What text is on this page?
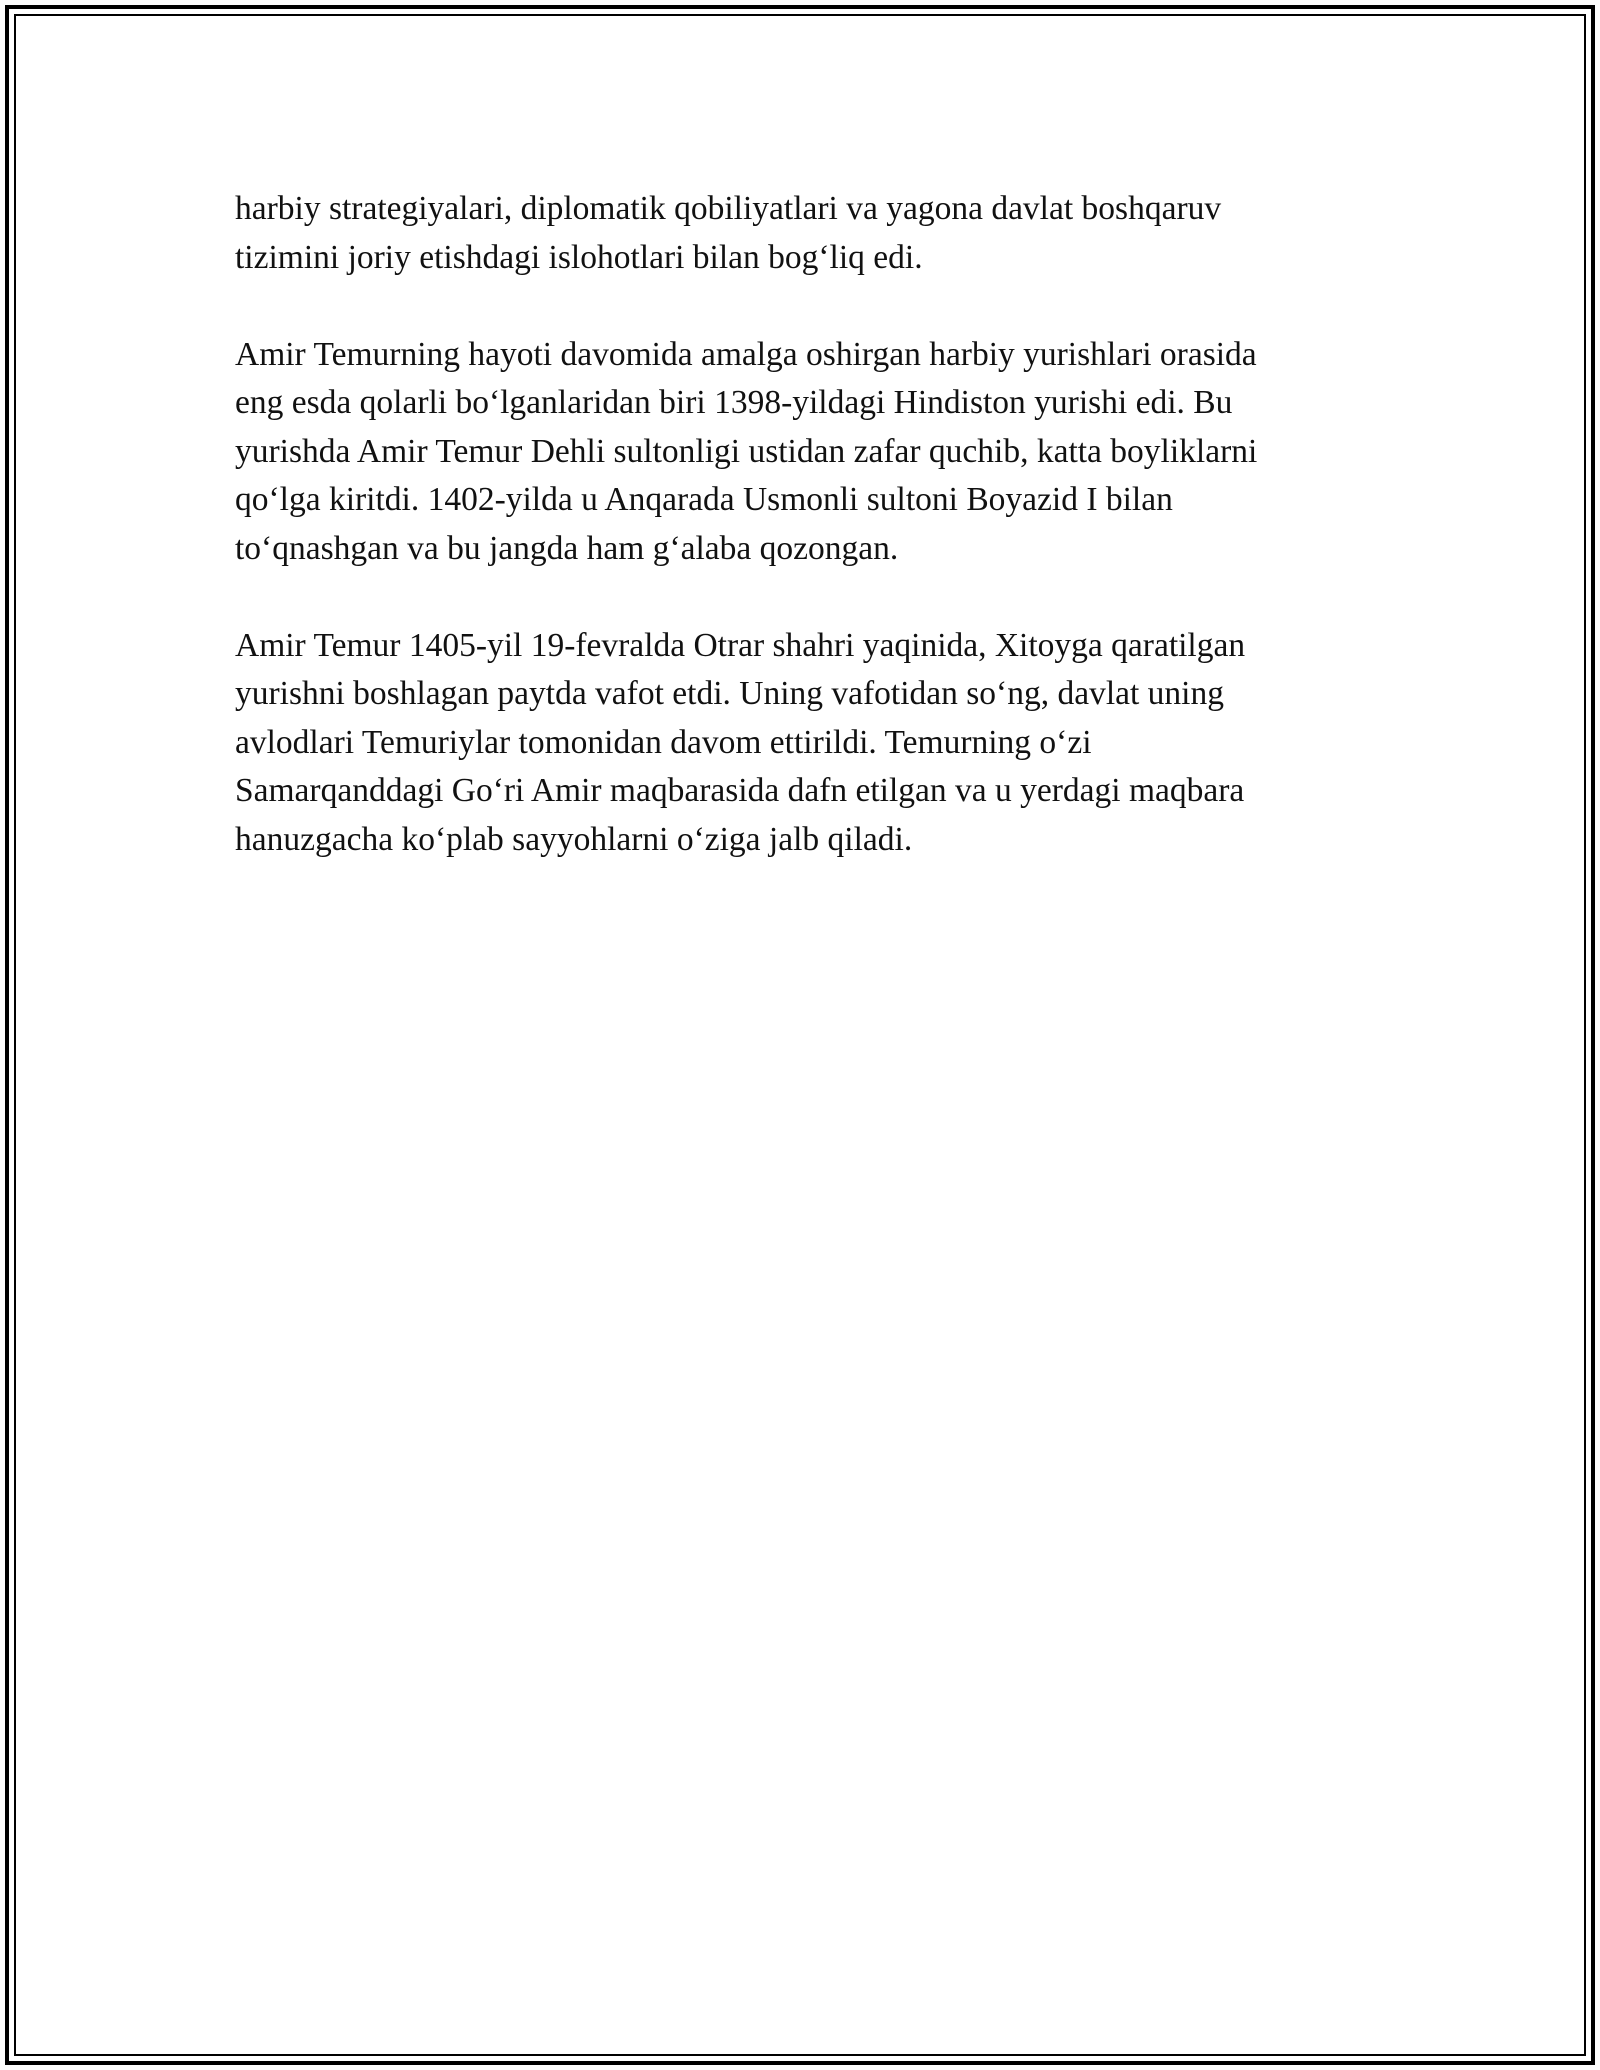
harbiy strategiyalari, diplomatik qobiliyatlari va yagona davlat boshqaruv
tizimini joriy etishdagi islohotlari bilan bog‘liq edi.

Amir Temurning hayoti davomida amalga oshirgan harbiy yurishlari orasida
eng esda qolarli bo‘lganlaridan biri 1398-yildagi Hindiston yurishi edi. Bu
yurishda Amir Temur Dehli sultonligi ustidan zafar quchib, katta boyliklarni
qo‘lga kiritdi. 1402-yilda u Anqarada Usmonli sultoni Boyazid I bilan
to‘qnashgan va bu jangda ham g‘alaba qozongan.

Amir Temur 1405-yil 19-fevralda Otrar shahri yaqinida, Xitoyga qaratilgan
yurishni boshlagan paytda vafot etdi. Uning vafotidan so‘ng, davlat uning
avlodlari Temuriylar tomonidan davom ettirildi. Temurning o‘zi
Samarqanddagi Go‘ri Amir maqbarasida dafn etilgan va u yerdagi maqbara
hanuzgacha ko‘plab sayyohlarni o‘ziga jalb qiladi.
